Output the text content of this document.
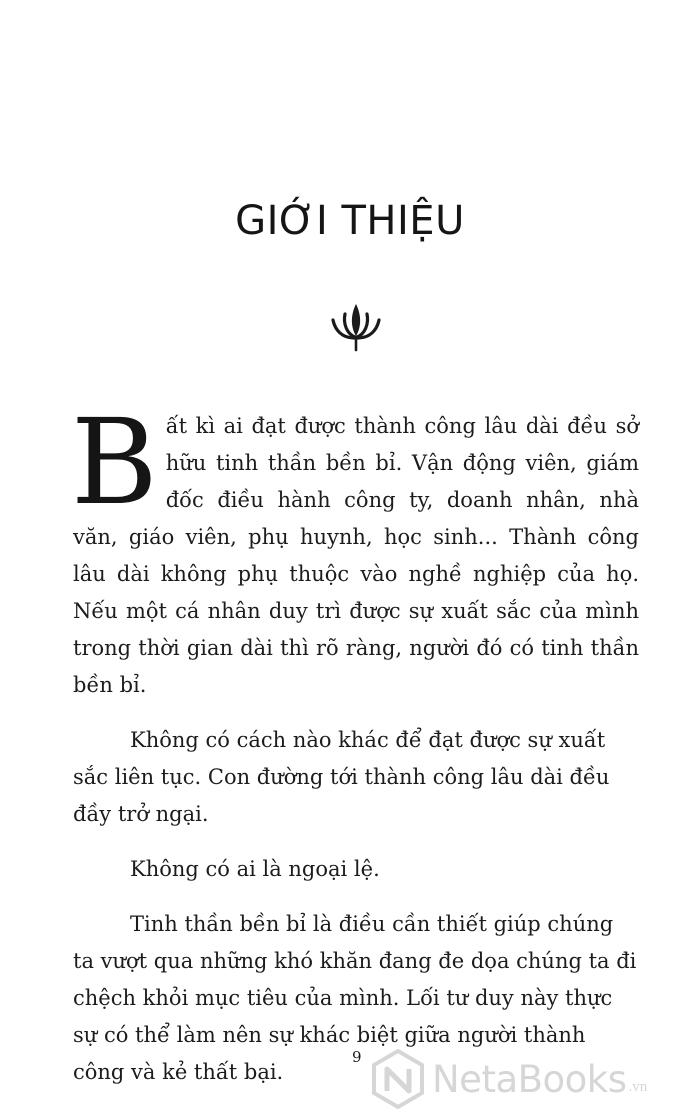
GIỚI THIỆU

Bất kì ai đạt được thành công lâu dài đều sở hữu tinh thần bền bỉ. Vận động viên, giám đốc điều hành công ty, doanh nhân, nhà văn, giáo viên, phụ huynh, học sinh... Thành công lâu dài không phụ thuộc vào nghề nghiệp của họ. Nếu một cá nhân duy trì được sự xuất sắc của mình trong thời gian dài thì rõ ràng, người đó có tinh thần bền bỉ.

Không có cách nào khác để đạt được sự xuất sắc liên tục. Con đường tới thành công lâu dài đều đầy trở ngại.

Không có ai là ngoại lệ.

Tinh thần bền bỉ là điều cần thiết giúp chúng ta vượt qua những khó khăn đang đe dọa chúng ta đi chệch khỏi mục tiêu của mình. Lối tư duy này thực sự có thể làm nên sự khác biệt giữa người thành công và kẻ thất bại.

9
NetaBooks .vn
